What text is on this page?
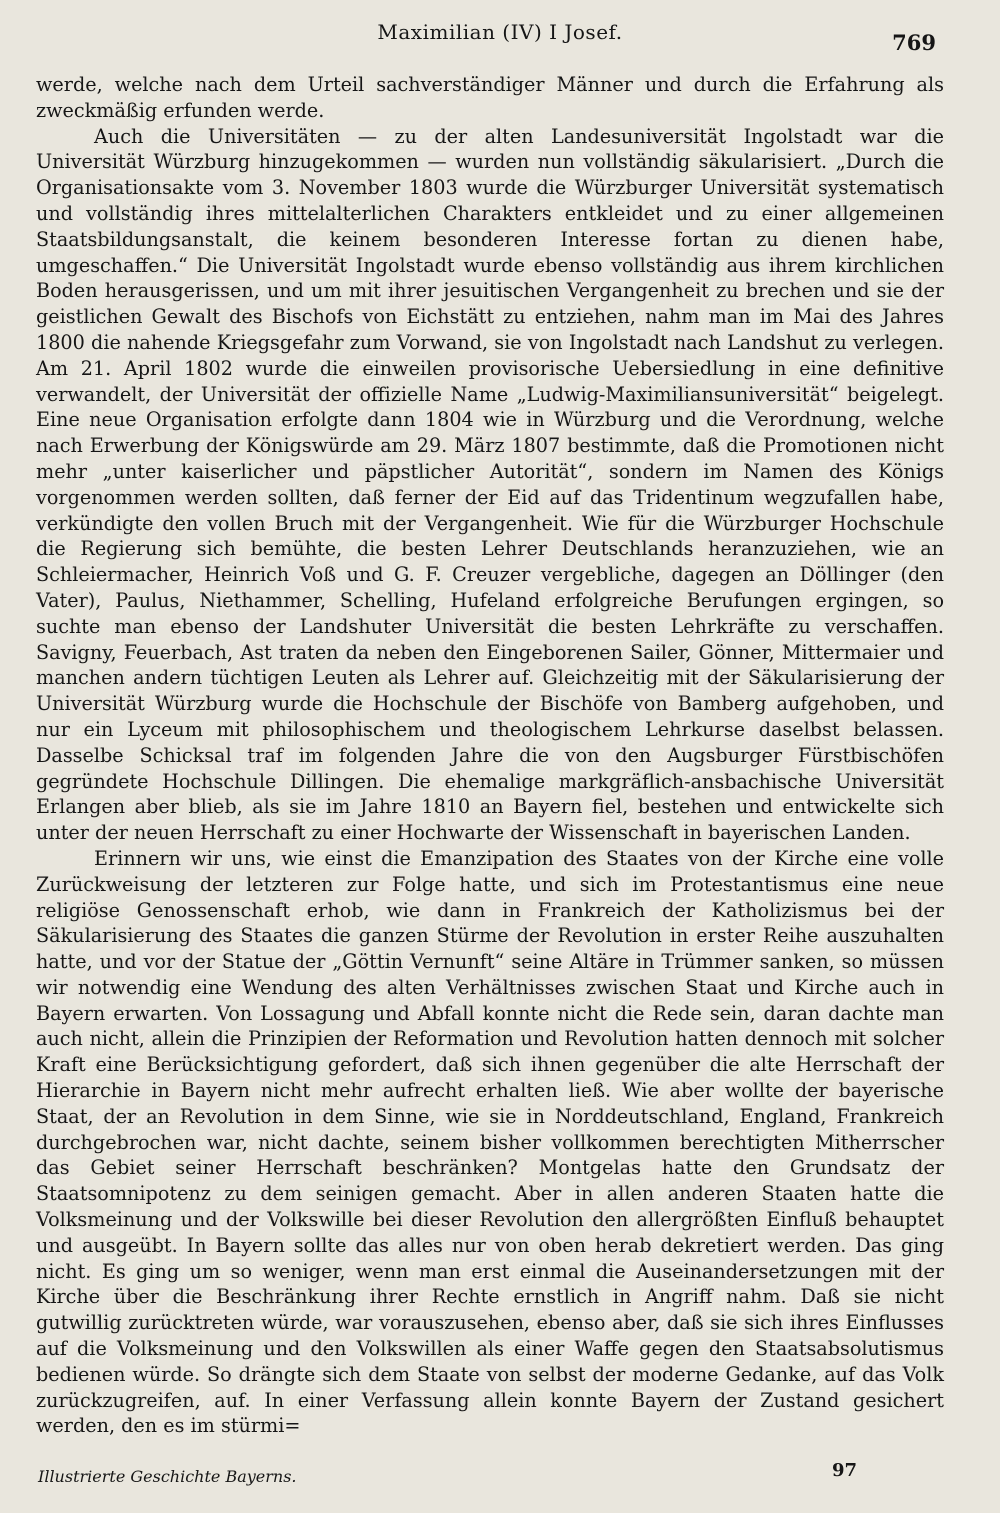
Maximilian (IV) I Josef.	769

werde, welche nach dem Urteil sachverständiger Männer und durch die Erfahrung als zweckmäßig erfunden werde.

Auch die Universitäten — zu der alten Landesuniversität Ingolstadt war die Universität Würzburg hinzugekommen — wurden nun vollständig säkularisiert. „Durch die Organisationsakte vom 3. November 1803 wurde die Würzburger Universität systematisch und vollständig ihres mittelalterlichen Charakters entkleidet und zu einer allgemeinen Staatsbildungsanstalt, die keinem besonderen Interesse fortan zu dienen habe, umgeschaffen.“ Die Universität Ingolstadt wurde ebenso vollständig aus ihrem kirchlichen Boden herausgerissen, und um mit ihrer jesuitischen Vergangenheit zu brechen und sie der geistlichen Gewalt des Bischofs von Eichstätt zu entziehen, nahm man im Mai des Jahres 1800 die nahende Kriegsgefahr zum Vorwand, sie von Ingolstadt nach Landshut zu verlegen. Am 21. April 1802 wurde die einweilen provisorische Uebersiedlung in eine definitive verwandelt, der Universität der offizielle Name „Ludwig-Maximiliansuniversität“ beigelegt. Eine neue Organisation erfolgte dann 1804 wie in Würzburg und die Verordnung, welche nach Erwerbung der Königswürde am 29. März 1807 bestimmte, daß die Promotionen nicht mehr „unter kaiserlicher und päpstlicher Autorität“, sondern im Namen des Königs vorgenommen werden sollten, daß ferner der Eid auf das Tridentinum wegzufallen habe, verkündigte den vollen Bruch mit der Vergangenheit. Wie für die Würzburger Hochschule die Regierung sich bemühte, die besten Lehrer Deutschlands heranzuziehen, wie an Schleiermacher, Heinrich Voß und G. F. Creuzer vergebliche, dagegen an Döllinger (den Vater), Paulus, Niethammer, Schelling, Hufeland erfolgreiche Berufungen ergingen, so suchte man ebenso der Landshuter Universität die besten Lehrkräfte zu verschaffen. Savigny, Feuerbach, Ast traten da neben den Eingeborenen Sailer, Gönner, Mittermaier und manchen andern tüchtigen Leuten als Lehrer auf. Gleichzeitig mit der Säkularisierung der Universität Würzburg wurde die Hochschule der Bischöfe von Bamberg aufgehoben, und nur ein Lyceum mit philosophischem und theologischem Lehrkurse daselbst belassen. Dasselbe Schicksal traf im folgenden Jahre die von den Augsburger Fürstbischöfen gegründete Hochschule Dillingen. Die ehemalige markgräflich-ansbachische Universität Erlangen aber blieb, als sie im Jahre 1810 an Bayern fiel, bestehen und entwickelte sich unter der neuen Herrschaft zu einer Hochwarte der Wissenschaft in bayerischen Landen.

Erinnern wir uns, wie einst die Emanzipation des Staates von der Kirche eine volle Zurückweisung der letzteren zur Folge hatte, und sich im Protestantismus eine neue religiöse Genossenschaft erhob, wie dann in Frankreich der Katholizismus bei der Säkularisierung des Staates die ganzen Stürme der Revolution in erster Reihe auszuhalten hatte, und vor der Statue der „Göttin Vernunft“ seine Altäre in Trümmer sanken, so müssen wir notwendig eine Wendung des alten Verhältnisses zwischen Staat und Kirche auch in Bayern erwarten. Von Lossagung und Abfall konnte nicht die Rede sein, daran dachte man auch nicht, allein die Prinzipien der Reformation und Revolution hatten dennoch mit solcher Kraft eine Berücksichtigung gefordert, daß sich ihnen gegenüber die alte Herrschaft der Hierarchie in Bayern nicht mehr aufrecht erhalten ließ. Wie aber wollte der bayerische Staat, der an Revolution in dem Sinne, wie sie in Norddeutschland, England, Frankreich durchgebrochen war, nicht dachte, seinem bisher vollkommen berechtigten Mitherrscher das Gebiet seiner Herrschaft beschränken? Montgelas hatte den Grundsatz der Staatsomnipotenz zu dem seinigen gemacht. Aber in allen anderen Staaten hatte die Volksmeinung und der Volkswille bei dieser Revolution den allergrößten Einfluß behauptet und ausgeübt. In Bayern sollte das alles nur von oben herab dekretiert werden. Das ging nicht. Es ging um so weniger, wenn man erst einmal die Auseinandersetzungen mit der Kirche über die Beschränkung ihrer Rechte ernstlich in Angriff nahm. Daß sie nicht gutwillig zurücktreten würde, war vorauszusehen, ebenso aber, daß sie sich ihres Einflusses auf die Volksmeinung und den Volkswillen als einer Waffe gegen den Staatsabsolutismus bedienen würde. So drängte sich dem Staate von selbst der moderne Gedanke, auf das Volk zurückzugreifen, auf. In einer Verfassung allein konnte Bayern der Zustand gesichert werden, den es im stürmi=

Illustrierte Geschichte Bayerns.	97
